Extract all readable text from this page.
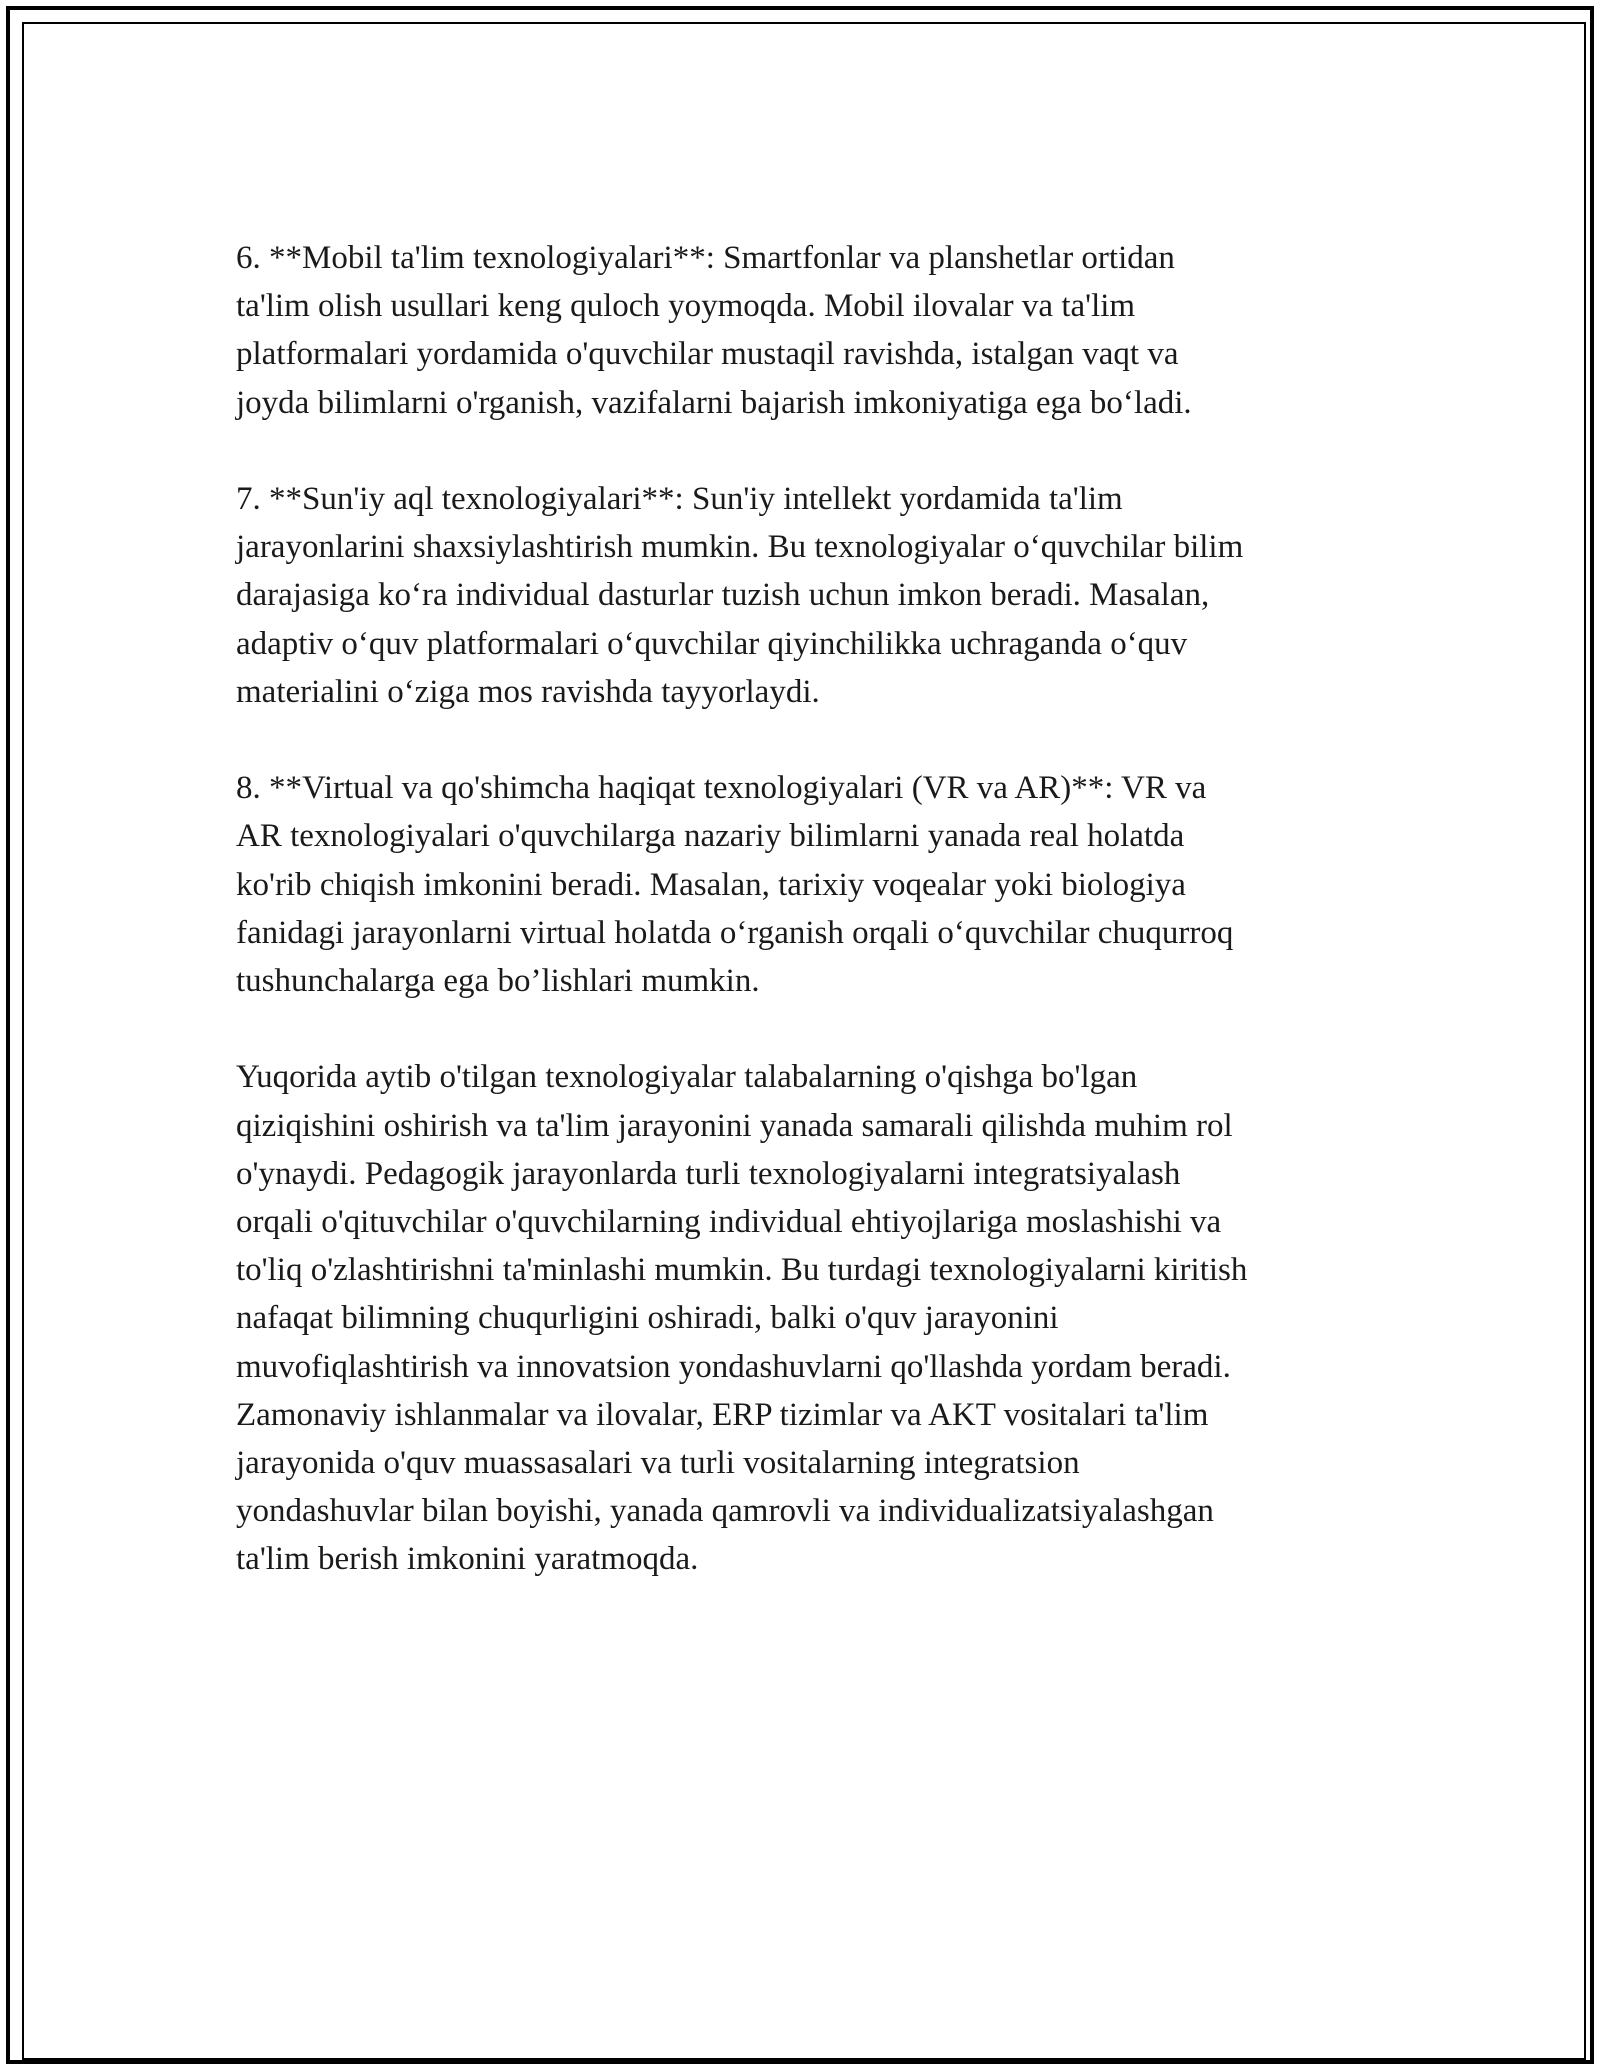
6. **Mobil ta'lim texnologiyalari**: Smartfonlar va planshetlar ortidan
ta'lim olish usullari keng quloch yoymoqda. Mobil ilovalar va ta'lim
platformalari yordamida o'quvchilar mustaqil ravishda, istalgan vaqt va
joyda bilimlarni o'rganish, vazifalarni bajarish imkoniyatiga ega bo‘ladi.
7. **Sun'iy aql texnologiyalari**: Sun'iy intellekt yordamida ta'lim
jarayonlarini shaxsiylashtirish mumkin. Bu texnologiyalar o‘quvchilar bilim
darajasiga ko‘ra individual dasturlar tuzish uchun imkon beradi. Masalan,
adaptiv o‘quv platformalari o‘quvchilar qiyinchilikka uchraganda o‘quv
materialini o‘ziga mos ravishda tayyorlaydi.
8. **Virtual va qo'shimcha haqiqat texnologiyalari (VR va AR)**: VR va
AR texnologiyalari o'quvchilarga nazariy bilimlarni yanada real holatda
ko'rib chiqish imkonini beradi. Masalan, tarixiy voqealar yoki biologiya
fanidagi jarayonlarni virtual holatda o‘rganish orqali o‘quvchilar chuqurroq
tushunchalarga ega bo’lishlari mumkin.
Yuqorida aytib o'tilgan texnologiyalar talabalarning o'qishga bo'lgan
qiziqishini oshirish va ta'lim jarayonini yanada samarali qilishda muhim rol
o'ynaydi. Pedagogik jarayonlarda turli texnologiyalarni integratsiyalash
orqali o'qituvchilar o'quvchilarning individual ehtiyojlariga moslashishi va
to'liq o'zlashtirishni ta'minlashi mumkin. Bu turdagi texnologiyalarni kiritish
nafaqat bilimning chuqurligini oshiradi, balki o'quv jarayonini
muvofiqlashtirish va innovatsion yondashuvlarni qo'llashda yordam beradi.
Zamonaviy ishlanmalar va ilovalar, ERP tizimlar va AKT vositalari ta'lim
jarayonida o'quv muassasalari va turli vositalarning integratsion
yondashuvlar bilan boyishi, yanada qamrovli va individualizatsiyalashgan
ta'lim berish imkonini yaratmoqda.
